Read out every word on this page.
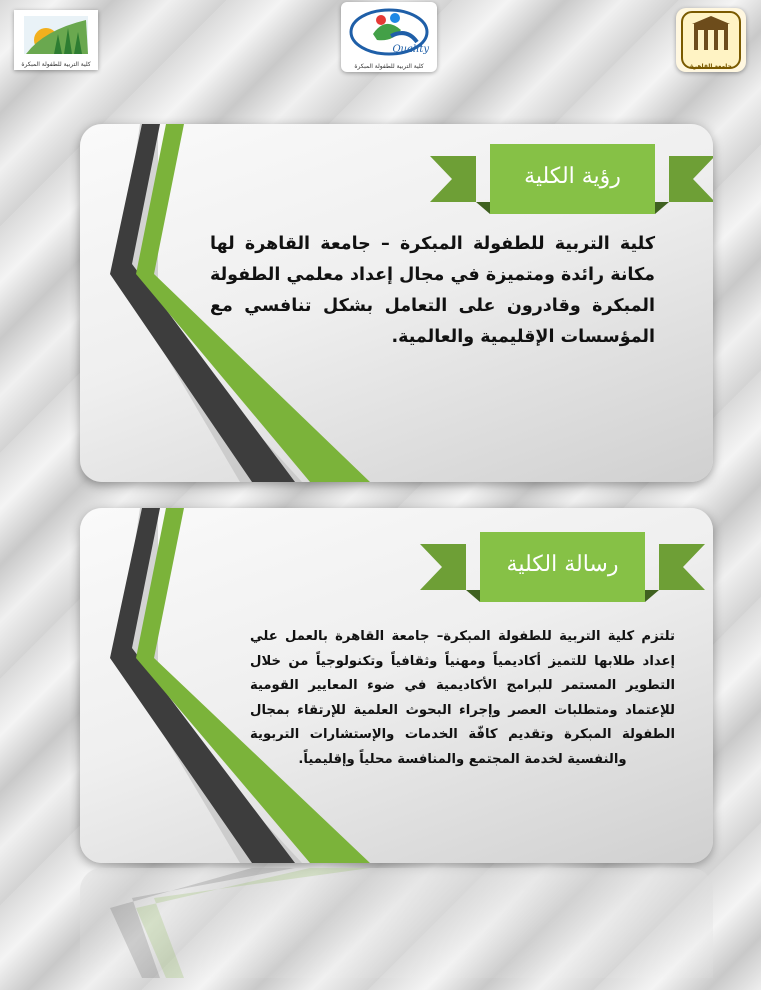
كلية التربية للطفولة المبكرة
Quality
كلية التربية للطفولة المبكرة	جامعة القاهرة
رؤية الكلية
كلية التربية للطفولة المبكرة – جامعة القاهرة لها مكانة رائدة ومتميزة في مجال إعداد معلمي الطفولة المبكرة وقادرون على التعامل بشكل تنافسي مع المؤسسات الإقليمية والعالمية.
رسالة الكلية
تلتزم كلية التربية للطفولة المبكرة– جامعة القاهرة بالعمل علي إعداد طلابها للتميز أكاديمياً ومهنياً وثقافياً وتكنولوجياً من خلال التطوير المستمر للبرامج الأكاديمية في ضوء المعايير القومية للإعتماد ومتطلبات العصر وإجراء البحوث العلمية للإرتقاء بمجال الطفولة المبكرة وتقديم كافّة الخدمات والإستشارات التربوية والنفسية لخدمة المجتمع والمنافسة محلياً وإقليمياً.
